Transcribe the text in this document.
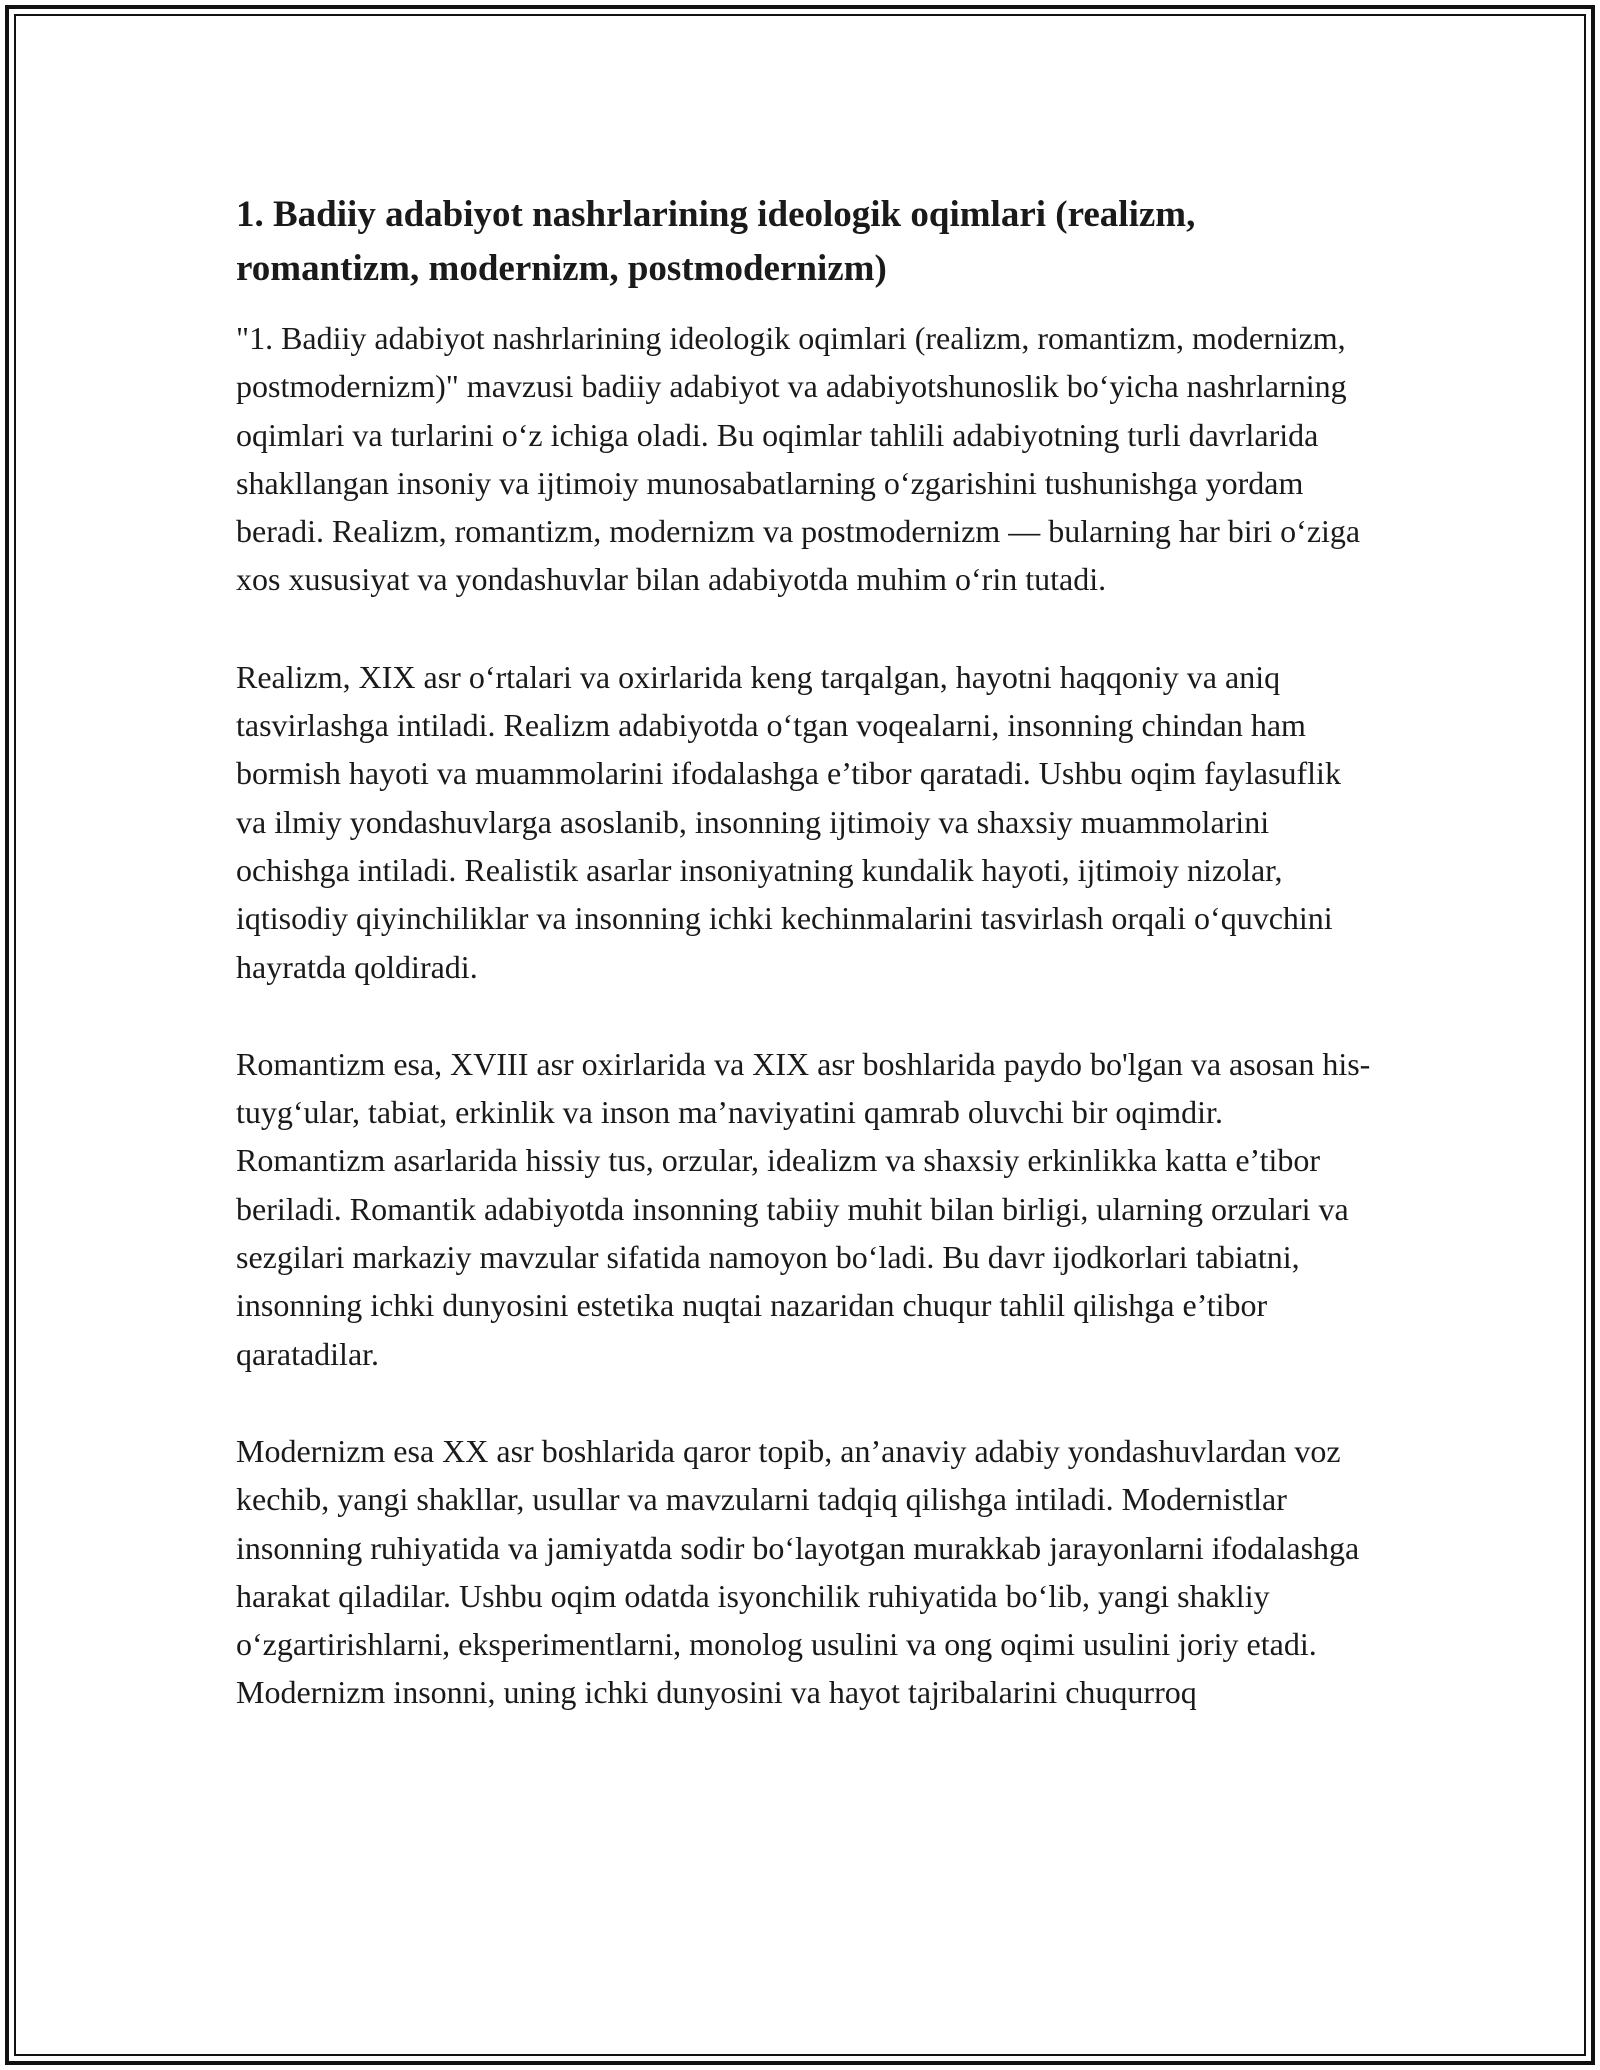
1. Badiiy adabiyot nashrlarining ideologik oqimlari (realizm, romantizm, modernizm, postmodernizm)

"1. Badiiy adabiyot nashrlarining ideologik oqimlari (realizm, romantizm, modernizm, postmodernizm)" mavzusi badiiy adabiyot va adabiyotshunoslik bo‘yicha nashrlarning oqimlari va turlarini o‘z ichiga oladi. Bu oqimlar tahlili adabiyotning turli davrlarida shakllangan insoniy va ijtimoiy munosabatlarning o‘zgarishini tushunishga yordam beradi. Realizm, romantizm, modernizm va postmodernizm — bularning har biri o‘ziga xos xususiyat va yondashuvlar bilan adabiyotda muhim o‘rin tutadi.

Realizm, XIX asr o‘rtalari va oxirlarida keng tarqalgan, hayotni haqqoniy va aniq tasvirlashga intiladi. Realizm adabiyotda o‘tgan voqealarni, insonning chindan ham bormish hayoti va muammolarini ifodalashga e’tibor qaratadi. Ushbu oqim faylasuflik va ilmiy yondashuvlarga asoslanib, insonning ijtimoiy va shaxsiy muammolarini ochishga intiladi. Realistik asarlar insoniyatning kundalik hayoti, ijtimoiy nizolar, iqtisodiy qiyinchiliklar va insonning ichki kechinmalarini tasvirlash orqali o‘quvchini hayratda qoldiradi.

Romantizm esa, XVIII asr oxirlarida va XIX asr boshlarida paydo bo'lgan va asosan his-tuyg‘ular, tabiat, erkinlik va inson ma’naviyatini qamrab oluvchi bir oqimdir. Romantizm asarlarida hissiy tus, orzular, idealizm va shaxsiy erkinlikka katta e’tibor beriladi. Romantik adabiyotda insonning tabiiy muhit bilan birligi, ularning orzulari va sezgilari markaziy mavzular sifatida namoyon bo‘ladi. Bu davr ijodkorlari tabiatni, insonning ichki dunyosini estetika nuqtai nazaridan chuqur tahlil qilishga e’tibor qaratadilar.

Modernizm esa XX asr boshlarida qaror topib, an’anaviy adabiy yondashuvlardan voz kechib, yangi shakllar, usullar va mavzularni tadqiq qilishga intiladi. Modernistlar insonning ruhiyatida va jamiyatda sodir bo‘layotgan murakkab jarayonlarni ifodalashga harakat qiladilar. Ushbu oqim odatda isyonchilik ruhiyatida bo‘lib, yangi shakliy o‘zgartirishlarni, eksperimentlarni, monolog usulini va ong oqimi usulini joriy etadi. Modernizm insonni, uning ichki dunyosini va hayot tajribalarini chuqurroq
